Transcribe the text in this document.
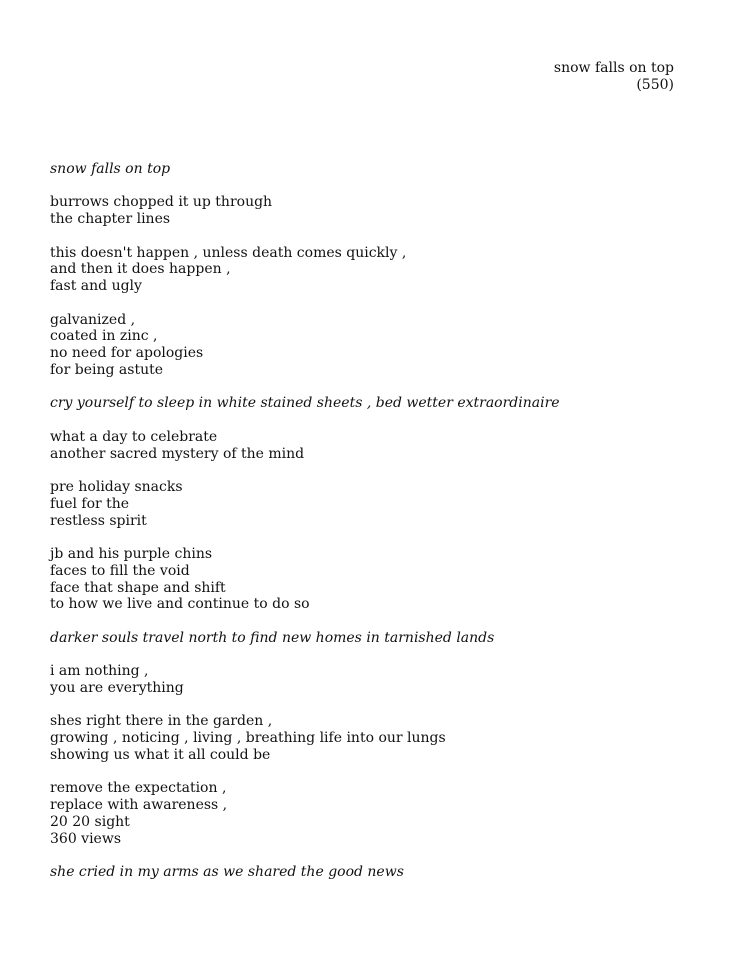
snow falls on top
(550)
snow falls on top
burrows chopped it up through
the chapter lines
this doesn't happen , unless death comes quickly ,
and then it does happen ,
fast and ugly
galvanized ,
coated in zinc ,
no need for apologies
for being astute
cry yourself to sleep in white stained sheets , bed wetter extraordinaire
what a day to celebrate
another sacred mystery of the mind
pre holiday snacks
fuel for the
restless spirit
jb and his purple chins
faces to fill the void
face that shape and shift
to how we live and continue to do so
darker souls travel north to find new homes in tarnished lands
i am nothing ,
you are everything
shes right there in the garden ,
growing , noticing , living , breathing life into our lungs
showing us what it all could be
remove the expectation ,
replace with awareness ,
20 20 sight
360 views
she cried in my arms as we shared the good news
